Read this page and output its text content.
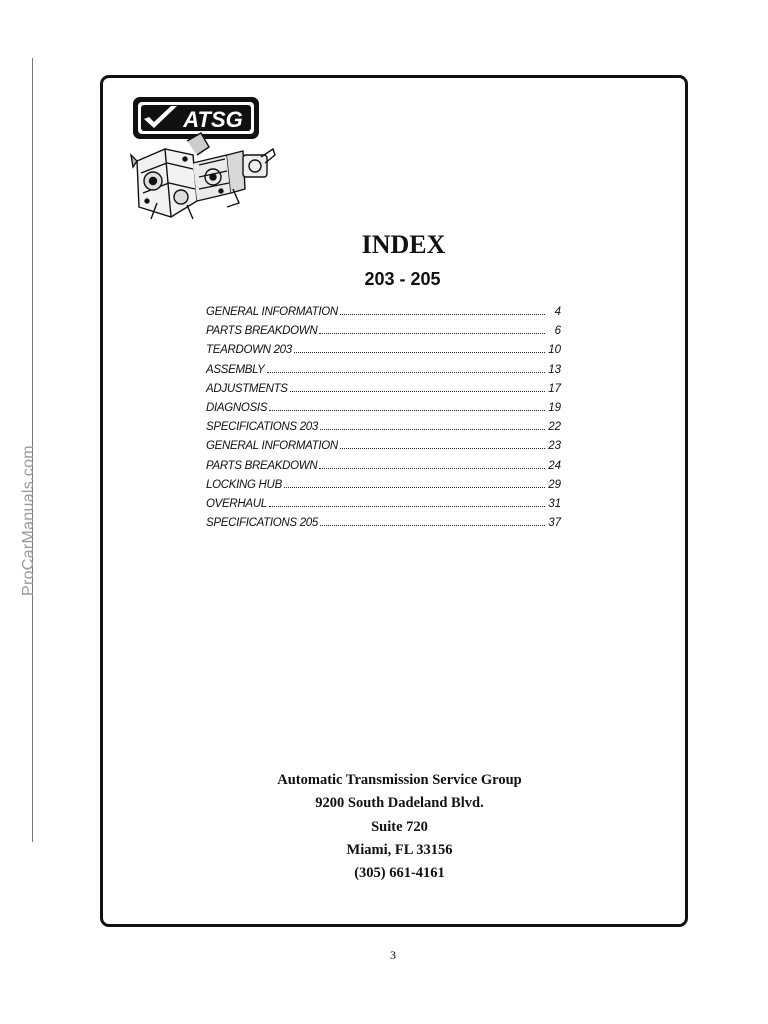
ProCarManuals.com
ATSG
INDEX
203 - 205
GENERAL INFORMATION	4
PARTS BREAKDOWN	6
TEARDOWN 203	10
ASSEMBLY	13
ADJUSTMENTS	17
DIAGNOSIS	19
SPECIFICATIONS 203	22
GENERAL INFORMATION	23
PARTS BREAKDOWN	24
LOCKING HUB	29
OVERHAUL	31
SPECIFICATIONS 205	37
Automatic Transmission Service Group
9200 South Dadeland Blvd.
Suite 720
Miami, FL 33156
(305) 661-4161
3
